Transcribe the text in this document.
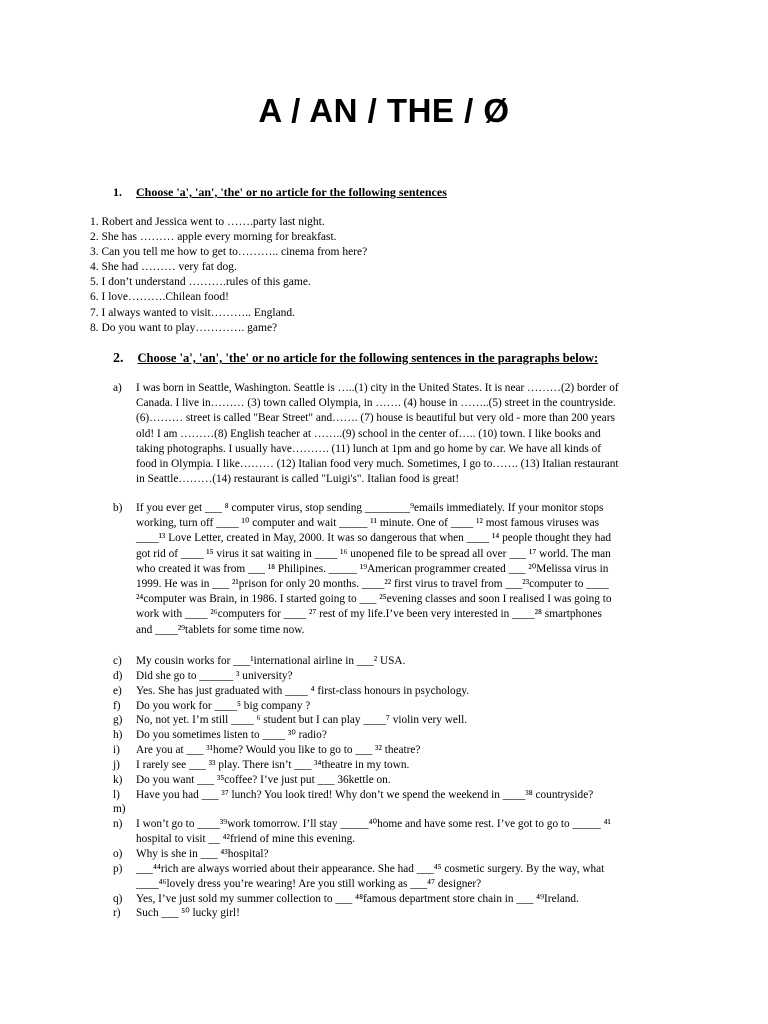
A / AN / THE / Ø
1. Choose 'a', 'an', 'the' or no article for the following sentences
1. Robert and Jessica went to …….party last night.
2. She has ……… apple every morning for breakfast.
3. Can you tell me how to get to……….. cinema from here?
4. She had ……… very fat dog.
5. I don’t understand ……….rules of this game.
6. I love……….Chilean food!
7. I always wanted to visit……….. England.
8. Do you want to play…………. game?
2. Choose 'a', 'an', 'the' or no article for the following sentences in the paragraphs below:
a) I was born in Seattle, Washington. Seattle is …..(1) city in the United States. It is near ………(2) border of
Canada. I live in……… (3) town called Olympia, in ……. (4) house in ……..(5) street in the countryside.
(6)……… street is called "Bear Street" and……. (7) house is beautiful but very old - more than 200 years
old! I am ………(8) English teacher at ……..(9) school in the center of….. (10) town. I like books and
taking photographs. I usually have………. (11) lunch at 1pm and go home by car. We have all kinds of
food in Olympia. I like……… (12) Italian food very much. Sometimes, I go to……. (13) Italian restaurant
in Seattle………(14) restaurant is called "Luigi's". Italian food is great!
b) If you ever get ___ ⁸ computer virus, stop sending ________⁹emails immediately. If your monitor stops
working, turn off ____ ¹⁰ computer and wait _____ ¹¹ minute. One of ____ ¹² most famous viruses was
____¹³ Love Letter, created in May, 2000. It was so dangerous that when ____ ¹⁴ people thought they had
got rid of ____ ¹⁵ virus it sat waiting in ____ ¹⁶ unopened file to be spread all over ___ ¹⁷ world. The man
who created it was from ___ ¹⁸ Philipines. _____ ¹⁹American programmer created ___ ²⁰Melissa virus in
1999. He was in ___ ²¹prison for only 20 months. ____²² first virus to travel from ___²³computer to ____
²⁴computer was Brain, in 1986. I started going to ___ ²⁵evening classes and soon I realised I was going to
work with ____ ²⁶computers for ____ ²⁷ rest of my life.I’ve been very interested in ____²⁸ smartphones
and ____²⁹tablets for some time now.
c) My cousin works for ___¹international airline in ___² USA.
d) Did she go to ______ ³ university?
e) Yes. She has just graduated with ____ ⁴ first-class honours in psychology.
f) Do you work for ____⁵ big company ?
g) No, not yet. I’m still ____ ⁶ student but I can play ____⁷ violin very well.
h) Do you sometimes listen to ____ ³⁰ radio?
i) Are you at ___ ³¹home? Would you like to go to ___ ³² theatre?
j) I rarely see ___ ³³ play. There isn’t ___ ³⁴theatre in my town.
k) Do you want ___ ³⁵coffee? I’ve just put ___ 36kettle on.
l) Have you had ___ ³⁷ lunch? You look tired! Why don’t we spend the weekend in ____³⁸ countryside?
m)
n) I won’t go to ____³⁹work tomorrow. I’ll stay _____⁴⁰home and have some rest. I’ve got to go to _____ ⁴¹
hospital to visit __ ⁴²friend of mine this evening.
o) Why is she in ___ ⁴³hospital?
p) ___⁴⁴rich are always worried about their appearance. She had ___⁴⁵ cosmetic surgery. By the way, what
____⁴⁶lovely dress you’re wearing! Are you still working as ___⁴⁷ designer?
q) Yes, I’ve just sold my summer collection to ___ ⁴⁸famous department store chain in ___ ⁴⁹Ireland.
r) Such ___ ⁵⁰ lucky girl!
